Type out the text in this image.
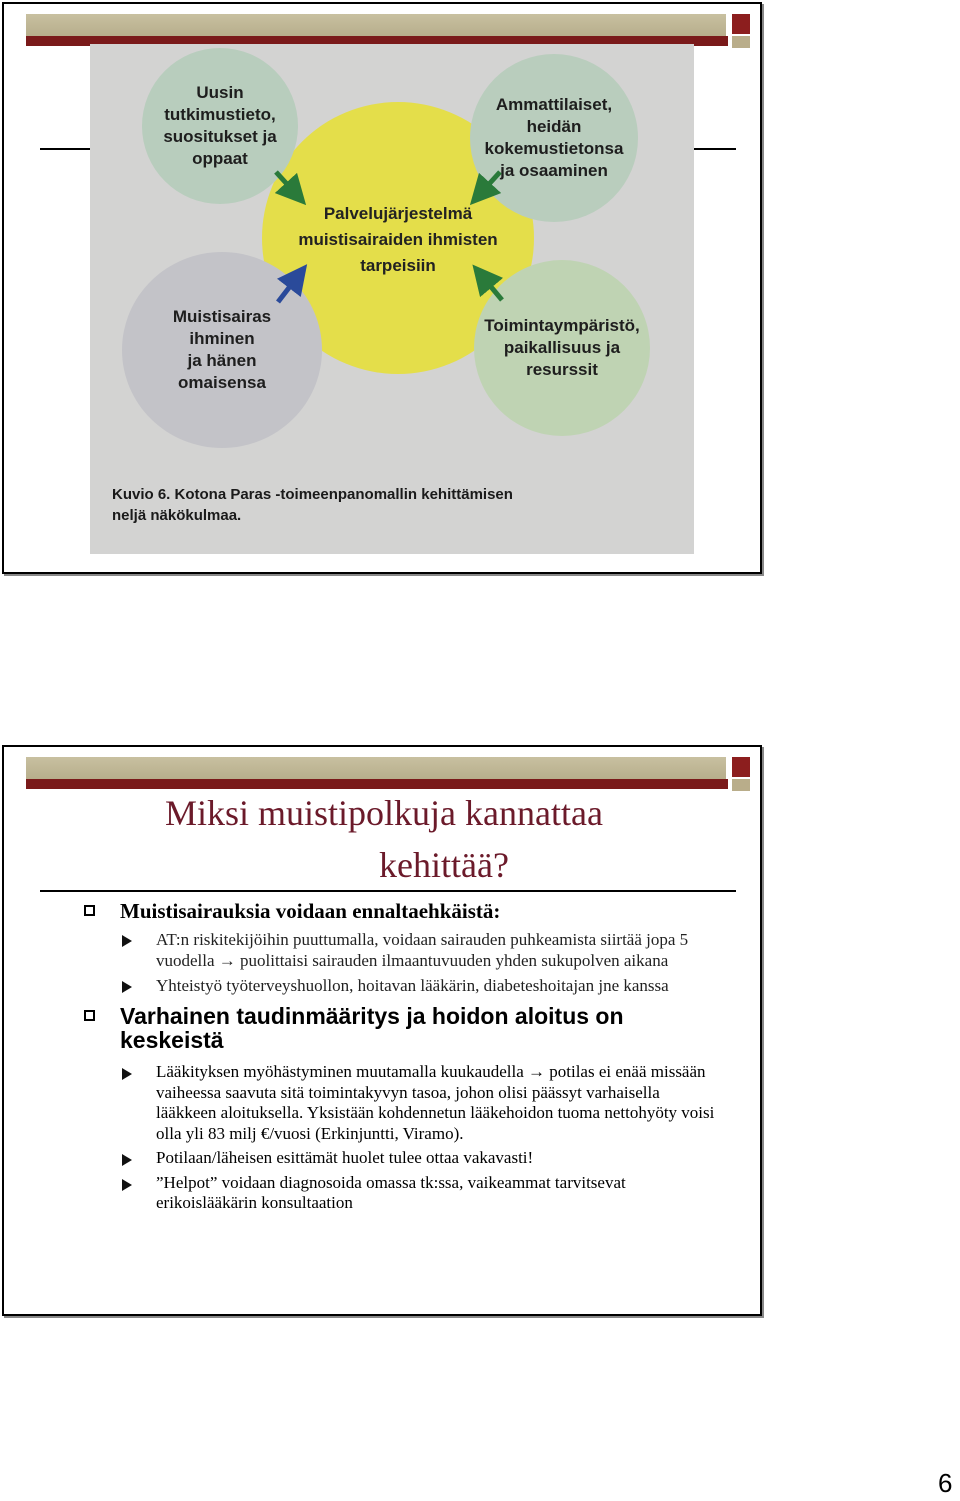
Palvelujärjestelmä
muistisairaiden ihmisten
tarpeisiin
Uusin
tutkimustieto,
suositukset ja
oppaat
Ammattilaiset,
heidän
kokemustietonsa
ja osaaminen
Muistisairas
ihminen
ja hänen
omaisensa
Toimintaympäristö,
paikallisuus ja
resurssit
Kuvio 6. Kotona Paras -toimeenpanomallin kehittämisen
neljä näkökulmaa.
Miksi muistipolkuja kannattaa
kehittää?
Muistisairauksia voidaan ennaltaehkäistä:
AT:n riskitekijöihin puuttumalla, voidaan sairauden puhkeamista siirtää jopa 5 vuodella → puolittaisi sairauden ilmaantuvuuden yhden sukupolven aikana
Yhteistyö työterveyshuollon, hoitavan lääkärin, diabeteshoitajan jne kanssa
Varhainen taudinmääritys ja hoidon aloitus on keskeistä
Lääkityksen myöhästyminen muutamalla kuukaudella → potilas ei enää missään vaiheessa saavuta sitä toimintakyvyn tasoa, johon olisi päässyt varhaisella lääkkeen aloituksella. Yksistään kohdennetun lääkehoidon tuoma nettohyöty voisi olla yli 83 milj €/vuosi (Erkinjuntti, Viramo).
Potilaan/läheisen esittämät huolet tulee ottaa vakavasti!
”Helpot” voidaan diagnosoida omassa tk:ssa, vaikeammat tarvitsevat erikoislääkärin konsultaation
6
